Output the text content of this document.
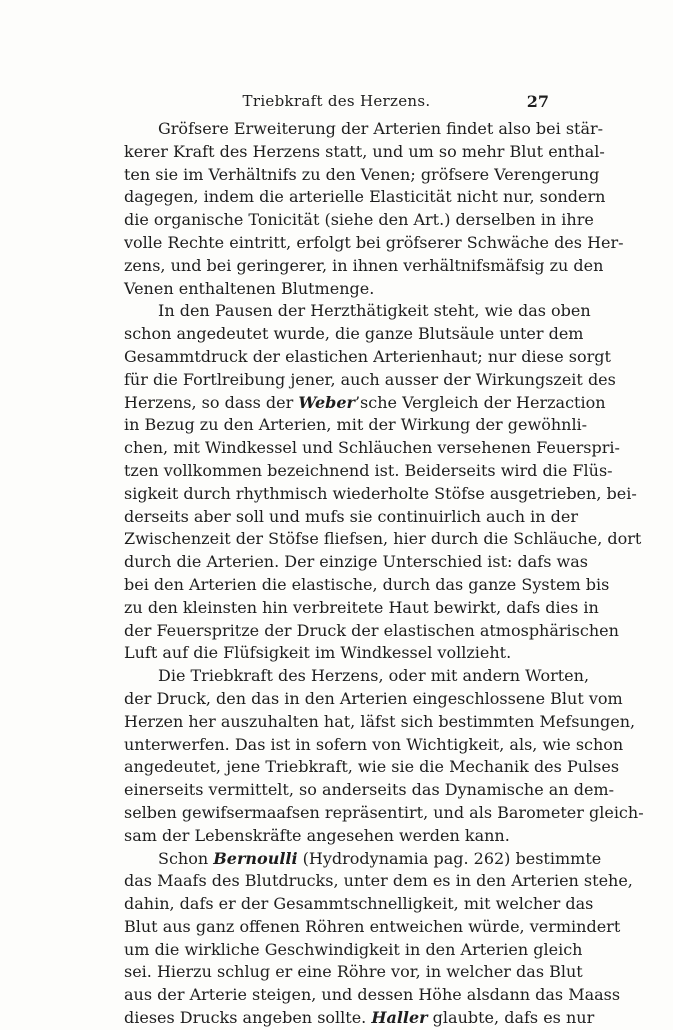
Triebkraft des Herzens.	27
Gröfsere Erweiterung der Arterien findet also bei stär-
kerer Kraft des Herzens statt, und um so mehr Blut enthal-
ten sie im Verhältnifs zu den Venen; gröfsere Verengerung
dagegen, indem die arterielle Elasticität nicht nur, sondern
die organische Tonicität (siehe den Art.) derselben in ihre
volle Rechte eintritt, erfolgt bei gröfserer Schwäche des Her-
zens, und bei geringerer, in ihnen verhältnifsmäfsig zu den
Venen enthaltenen Blutmenge.
In den Pausen der Herzthätigkeit steht, wie das oben
schon angedeutet wurde, die ganze Blutsäule unter dem
Gesammtdruck der elastichen Arterienhaut; nur diese sorgt
für die Fortlreibung jener, auch ausser der Wirkungszeit des
Herzens, so dass der Weber’sche Vergleich der Herzaction
in Bezug zu den Arterien, mit der Wirkung der gewöhnli-
chen, mit Windkessel und Schläuchen versehenen Feuerspri-
tzen vollkommen bezeichnend ist. Beiderseits wird die Flüs-
sigkeit durch rhythmisch wiederholte Stöfse ausgetrieben, bei-
derseits aber soll und mufs sie continuirlich auch in der
Zwischenzeit der Stöfse fliefsen, hier durch die Schläuche, dort
durch die Arterien. Der einzige Unterschied ist: dafs was
bei den Arterien die elastische, durch das ganze System bis
zu den kleinsten hin verbreitete Haut bewirkt, dafs dies in
der Feuerspritze der Druck der elastischen atmosphärischen
Luft auf die Flüfsigkeit im Windkessel vollzieht.
Die Triebkraft des Herzens, oder mit andern Worten,
der Druck, den das in den Arterien eingeschlossene Blut vom
Herzen her auszuhalten hat, läfst sich bestimmten Mefsungen,
unterwerfen. Das ist in sofern von Wichtigkeit, als, wie schon
angedeutet, jene Triebkraft, wie sie die Mechanik des Pulses
einerseits vermittelt, so anderseits das Dynamische an dem-
selben gewifsermaafsen repräsentirt, und als Barometer gleich-
sam der Lebenskräfte angesehen werden kann.
Schon Bernoulli (Hydrodynamia pag. 262) bestimmte
das Maafs des Blutdrucks, unter dem es in den Arterien stehe,
dahin, dafs er der Gesammtschnelligkeit, mit welcher das
Blut aus ganz offenen Röhren entweichen würde, vermindert
um die wirkliche Geschwindigkeit in den Arterien gleich
sei. Hierzu schlug er eine Röhre vor, in welcher das Blut
aus der Arterie steigen, und dessen Höhe alsdann das Maass
dieses Drucks angeben sollte. Haller glaubte, dafs es nur
